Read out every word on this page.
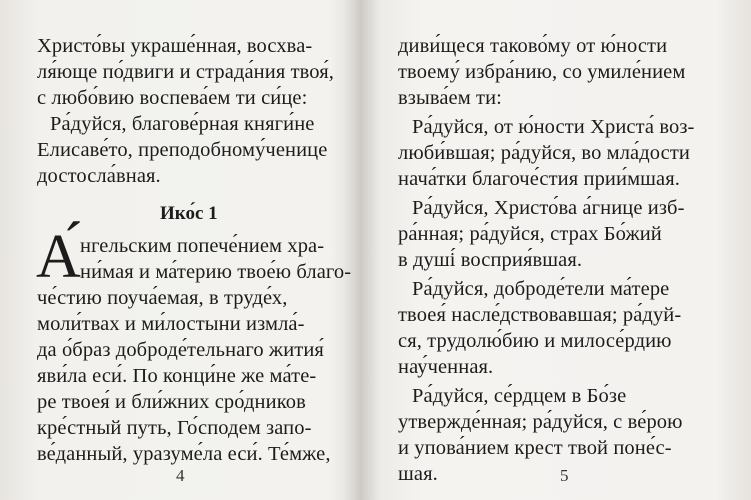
Христо́вы украше́нная, восхва-
ля́юще по́двиги и страда́ния твоя́,
с любо́вию воспева́ем ти си́це:
Ра́дуйся, благове́рная княги́не
Елисаве́то, преподобному́ченице
достосла́вная.
Ико́с 1
А́ нгельским попече́нием хра-
ни́мая и ма́терию твое́ю благо-
че́стию поуча́емая, в труде́х,
моли́твах и ми́лостыни измла́-
да о́браз доброде́тельнаго жития́
яви́ла еси́. По конци́не же ма́те-
ре твоея́ и бли́жних сро́дников
кре́стный путь, Го́сподем запо-
ве́данный, уразуме́ла еси́. Те́мже,
4
диви́щеся таково́му от ю́ности
твоему́ избра́нию, со умиле́нием
взыва́ем ти:
Ра́дуйся, от ю́ности Христа́ воз-
люби́вшая; ра́дуйся, во мла́дости
нача́тки благоче́стия прии́мшая.
Ра́дуйся, Христо́ва а́гнице изб-
ра́нная; ра́дуйся, страх Бо́жий
в душі́ восприя́вшая.
Ра́дуйся, доброде́тели ма́тере
твоея́ насле́дствовавшая; ра́дуй-
ся, трудолю́бию и милосе́рдию
нау́ченная.
Ра́дуйся, се́рдцем в Бо́зе
утвержде́нная; ра́дуйся, с ве́рою
и упова́нием крест твой поне́с-
шая.	5
